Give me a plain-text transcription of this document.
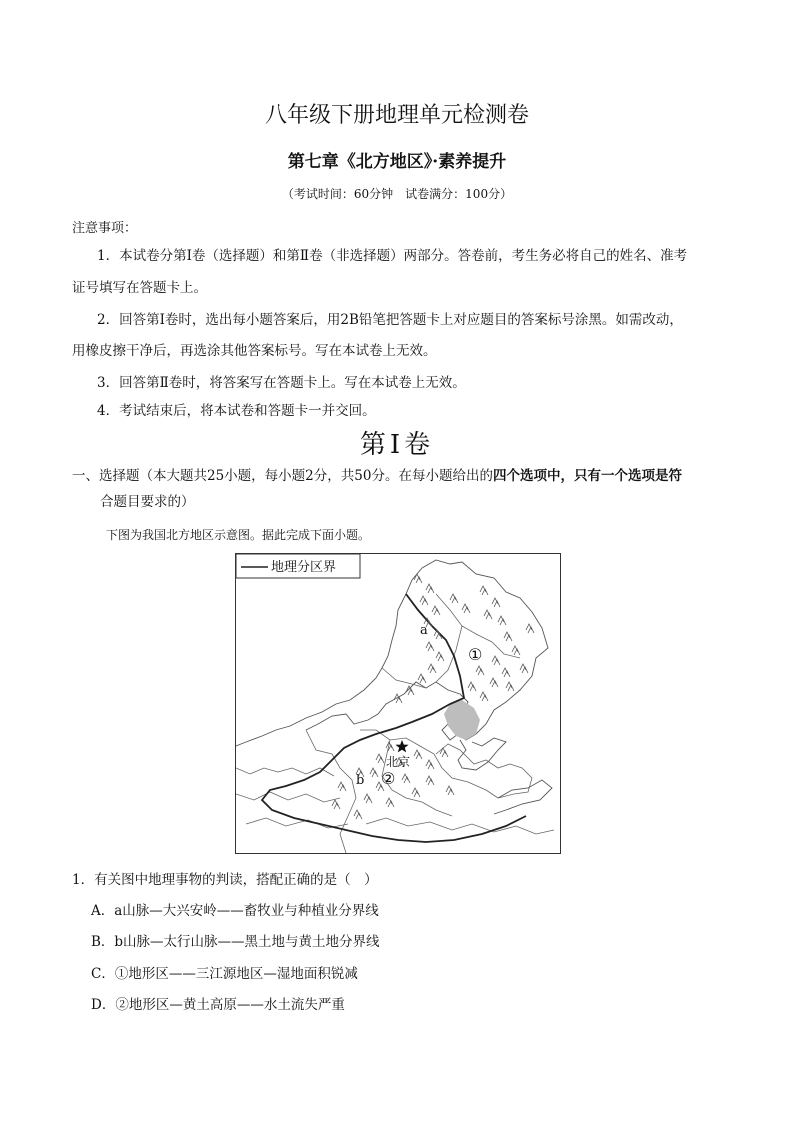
八年级下册地理单元检测卷
第七章《北方地区》·素养提升
（考试时间：60分钟　试卷满分：100分）
注意事项：
1．本试卷分第Ⅰ卷（选择题）和第Ⅱ卷（非选择题）两部分。答卷前，考生务必将自己的姓名、准考
证号填写在答题卡上。
2．回答第Ⅰ卷时，选出每小题答案后，用2B铅笔把答题卡上对应题目的答案标号涂黑。如需改动，
用橡皮擦干净后，再选涂其他答案标号。写在本试卷上无效。
3．回答第Ⅱ卷时，将答案写在答题卡上。写在本试卷上无效。
4．考试结束后，将本试卷和答题卡一并交回。
第Ⅰ卷
一、选择题（本大题共25小题，每小题2分，共50分。在每小题给出的四个选项中，只有一个选项是符
合题目要求的）
下图为我国北方地区示意图。据此完成下面小题。
地理分区界
a
①
北京
②
b
1．有关图中地理事物的判读，搭配正确的是（　）
A．a山脉—大兴安岭——畜牧业与种植业分界线
B．b山脉—太行山脉——黑土地与黄土地分界线
C．①地形区——三江源地区—湿地面积锐减
D．②地形区—黄土高原——水土流失严重
